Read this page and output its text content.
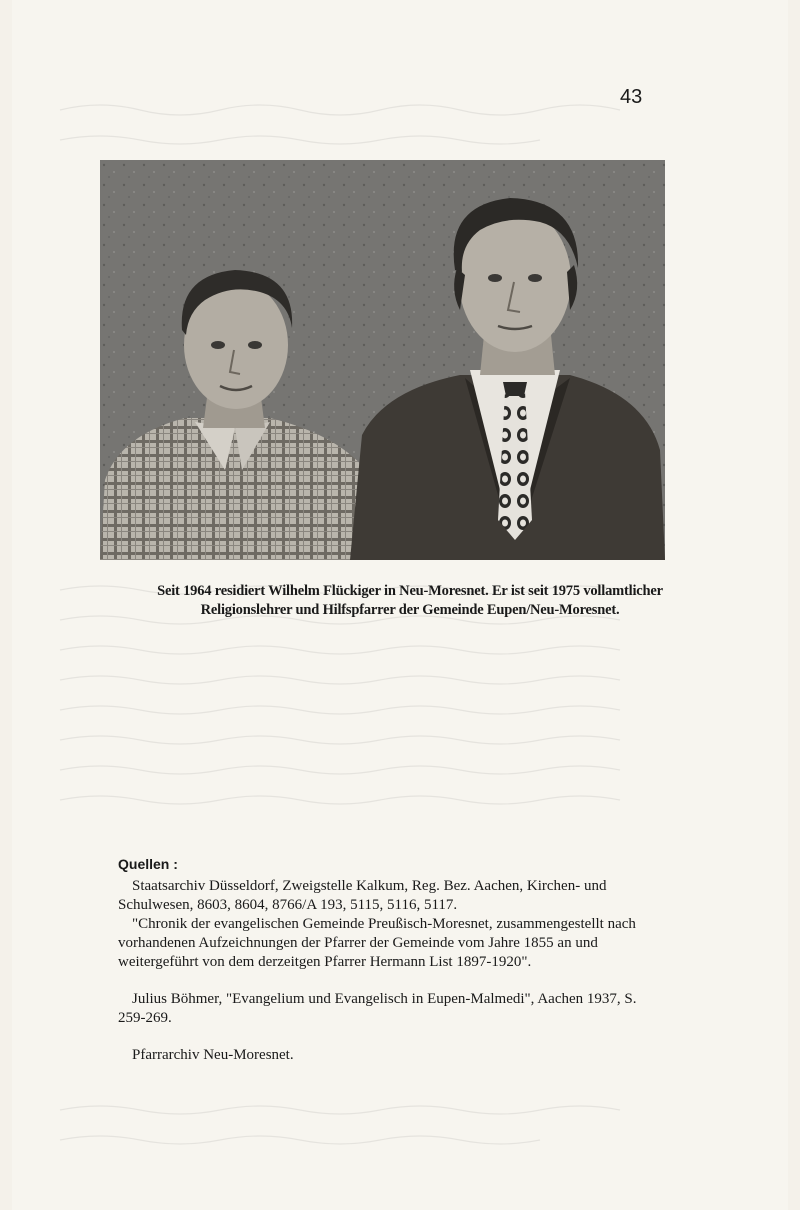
43
Seit 1964 residiert Wilhelm Flückiger in Neu-Moresnet. Er ist seit 1975 vollamtlicher
Religionslehrer und Hilfspfarrer der Gemeinde Eupen/Neu-Moresnet.
Quellen :

Staatsarchiv Düsseldorf, Zweigstelle Kalkum, Reg. Bez. Aachen, Kirchen- und Schulwesen, 8603, 8604, 8766/A 193, 5115, 5116, 5117.

"Chronik der evangelischen Gemeinde Preußisch-Moresnet, zusammengestellt nach vorhandenen Aufzeichnungen der Pfarrer der Gemeinde vom Jahre 1855 an und weitergeführt von dem derzeitgen Pfarrer Hermann List 1897-1920".

Julius Böhmer, "Evangelium und Evangelisch in Eupen-Malmedi", Aachen 1937, S. 259-269.

Pfarrarchiv Neu-Moresnet.
